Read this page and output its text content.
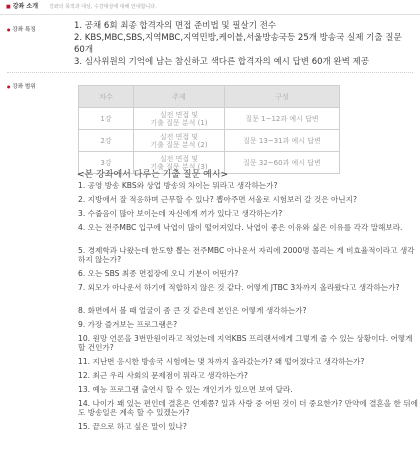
■ 강좌 소개 강좌의 목적과 대상, 수강대상에 대해 안내합니다.
● 강좌 특징	1. 공채 6회 최종 합격자의 면접 준비법 및 필살기 전수
2. KBS,MBC,SBS,지역MBC,지역민방,케이블,서울방송국등 25개 방송국 실제 기출 질문 60개
3. 심사위원의 기억에 남는 참신하고 색다른 합격자의 예시 답변 60개 완벽 제공
● 강좌 범위
차수	주제	구성
1강	실전 면접 및
기출 질문 분석 (1)	질문 1~12과 예시 답변
2강	실전 면접 및
기출 질문 분석 (2)	질문 13~31과 예시 답변
3강	실전 면접 및
기출 질문 분석 (3)	질문 32~60과 예시 답변
<본 강좌에서 다루는 기출 질문 예시>
1. 공영 방송 KBS와 상업 방송의 차이는 뭐라고 생각하는가?
2. 지방에서 잘 적응하며 근무할 수 있나? 뽑아주면 서울로 시험보러 갈 것은 아닌지?
3. 수줍음이 많아 보이는데 자신에게 끼가 있다고 생각하는가?
4. 오는 전주MBC 입구에 낙엽이 많이 떨어져있다. 낙엽이 좋은 이유와 싫은 이유를 각각 말해보라.
5. 경제학과 나왔는데 한도향 뽑는 전주MBC 아나운서 자리에 2000명 몰리는 게 비효율적이라고 생각하지 않는가?
6. 오는 SBS 최종 면접장에 오니 기분이 어떤가?
7. 외모가 아나운서 하기에 적합하지 않은 것 같다. 어떻게 JTBC 3차까지 올라왔다고 생각하는가?
8. 화면에서 볼 때 얼굴이 좀 큰 것 같은데 본인은 어떻게 생각하는가?
9. 가장 즐겨보는 프로그램은?
10. 원망 언론을 3번만원이라고 적었는데 지역KBS 프리랜서에게 그렇게 줄 수 있는 상황이다. 어떻게 할 건인가?
11. 지난번 응시한 방송국 시험에는 몇 차까지 올라갔는가? 왜 떨어졌다고 생각하는가?
12. 최근 우리 사회의 문제점이 뭐라고 생각하는가?
13. 예능 프로그램 출연시 할 수 있는 개인기가 있으면 보여 달라.
14. 나이가 꽤 있는 편인데 결혼은 언제쯤? 일과 사랑 중 어떤 것이 더 중요한가? 만약에 결혼을 한 뒤에도 방송일은 계속 할 수 있겠는가?
15. 끝으로 하고 싶은 말이 있나?
